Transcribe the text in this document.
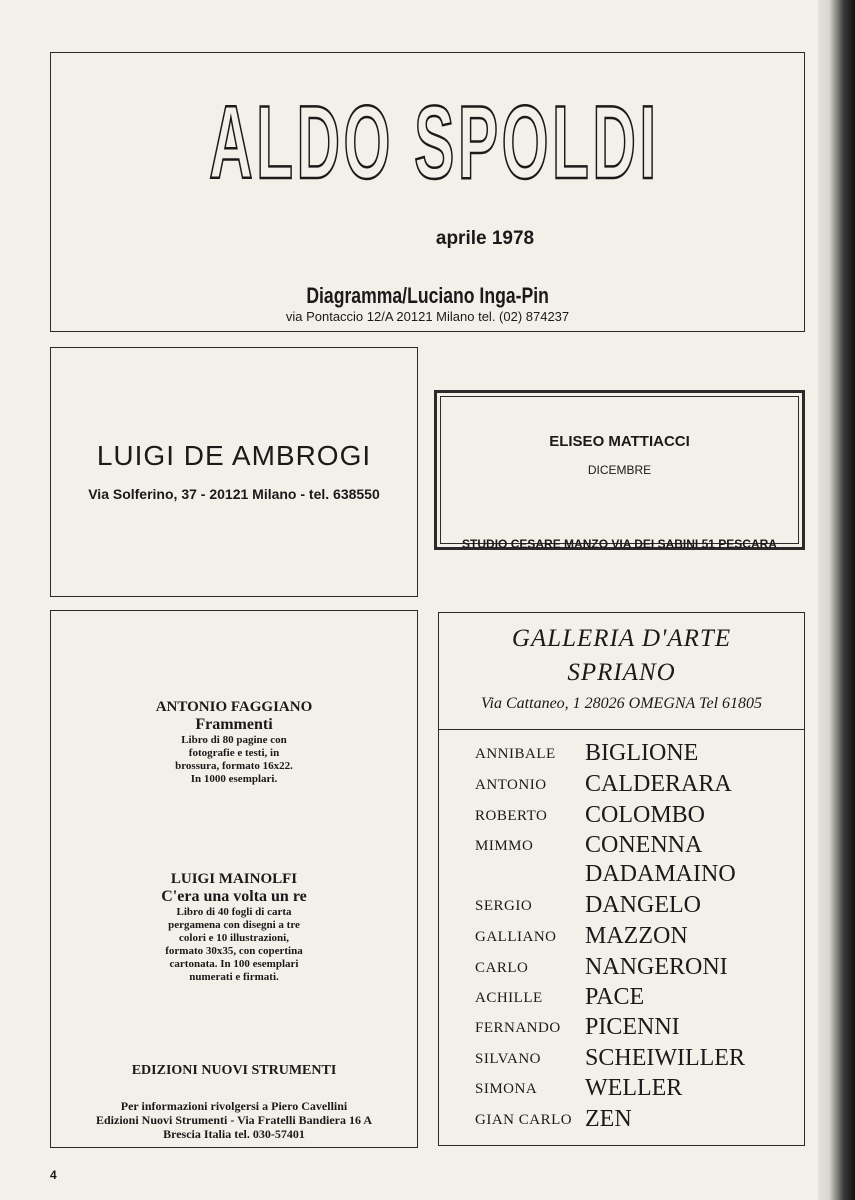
ALDO SPOLDI
aprile 1978
Diagramma/Luciano Inga-Pin
via Pontaccio 12/A 20121 Milano tel. (02) 874237
LUIGI DE AMBROGI
Via Solferino, 37 - 20121 Milano - tel. 638550
ELISEO MATTIACCI
DICEMBRE
STUDIO CESARE MANZO VIA DEI SABINI 51 PESCARA
ANTONIO FAGGIANO
Frammenti
Libro di 80 pagine con
fotografie e testi, in
brossura, formato 16x22.
In 1000 esemplari.
LUIGI MAINOLFI
C'era una volta un re
Libro di 40 fogli di carta
pergamena con disegni a tre
colori e 10 illustrazioni,
formato 30x35, con copertina
cartonata. In 100 esemplari
numerati e firmati.
EDIZIONI NUOVI STRUMENTI
Per informazioni rivolgersi a Piero Cavellini
Edizioni Nuovi Strumenti - Via Fratelli Bandiera 16 A
Brescia Italia tel. 030-57401
GALLERIA D'ARTE
SPRIANO
Via Cattaneo, 1 28026 OMEGNA Tel 61805
ANNIBALE BIGLIONE
ANTONIO CALDERARA
ROBERTO COLOMBO
MIMMO CONENNA
DADAMAINO
SERGIO DANGELO
GALLIANO MAZZON
CARLO NANGERONI
ACHILLE PACE
FERNANDO PICENNI
SILVANO SCHEIWILLER
SIMONA WELLER
GIAN CARLO ZEN
4
